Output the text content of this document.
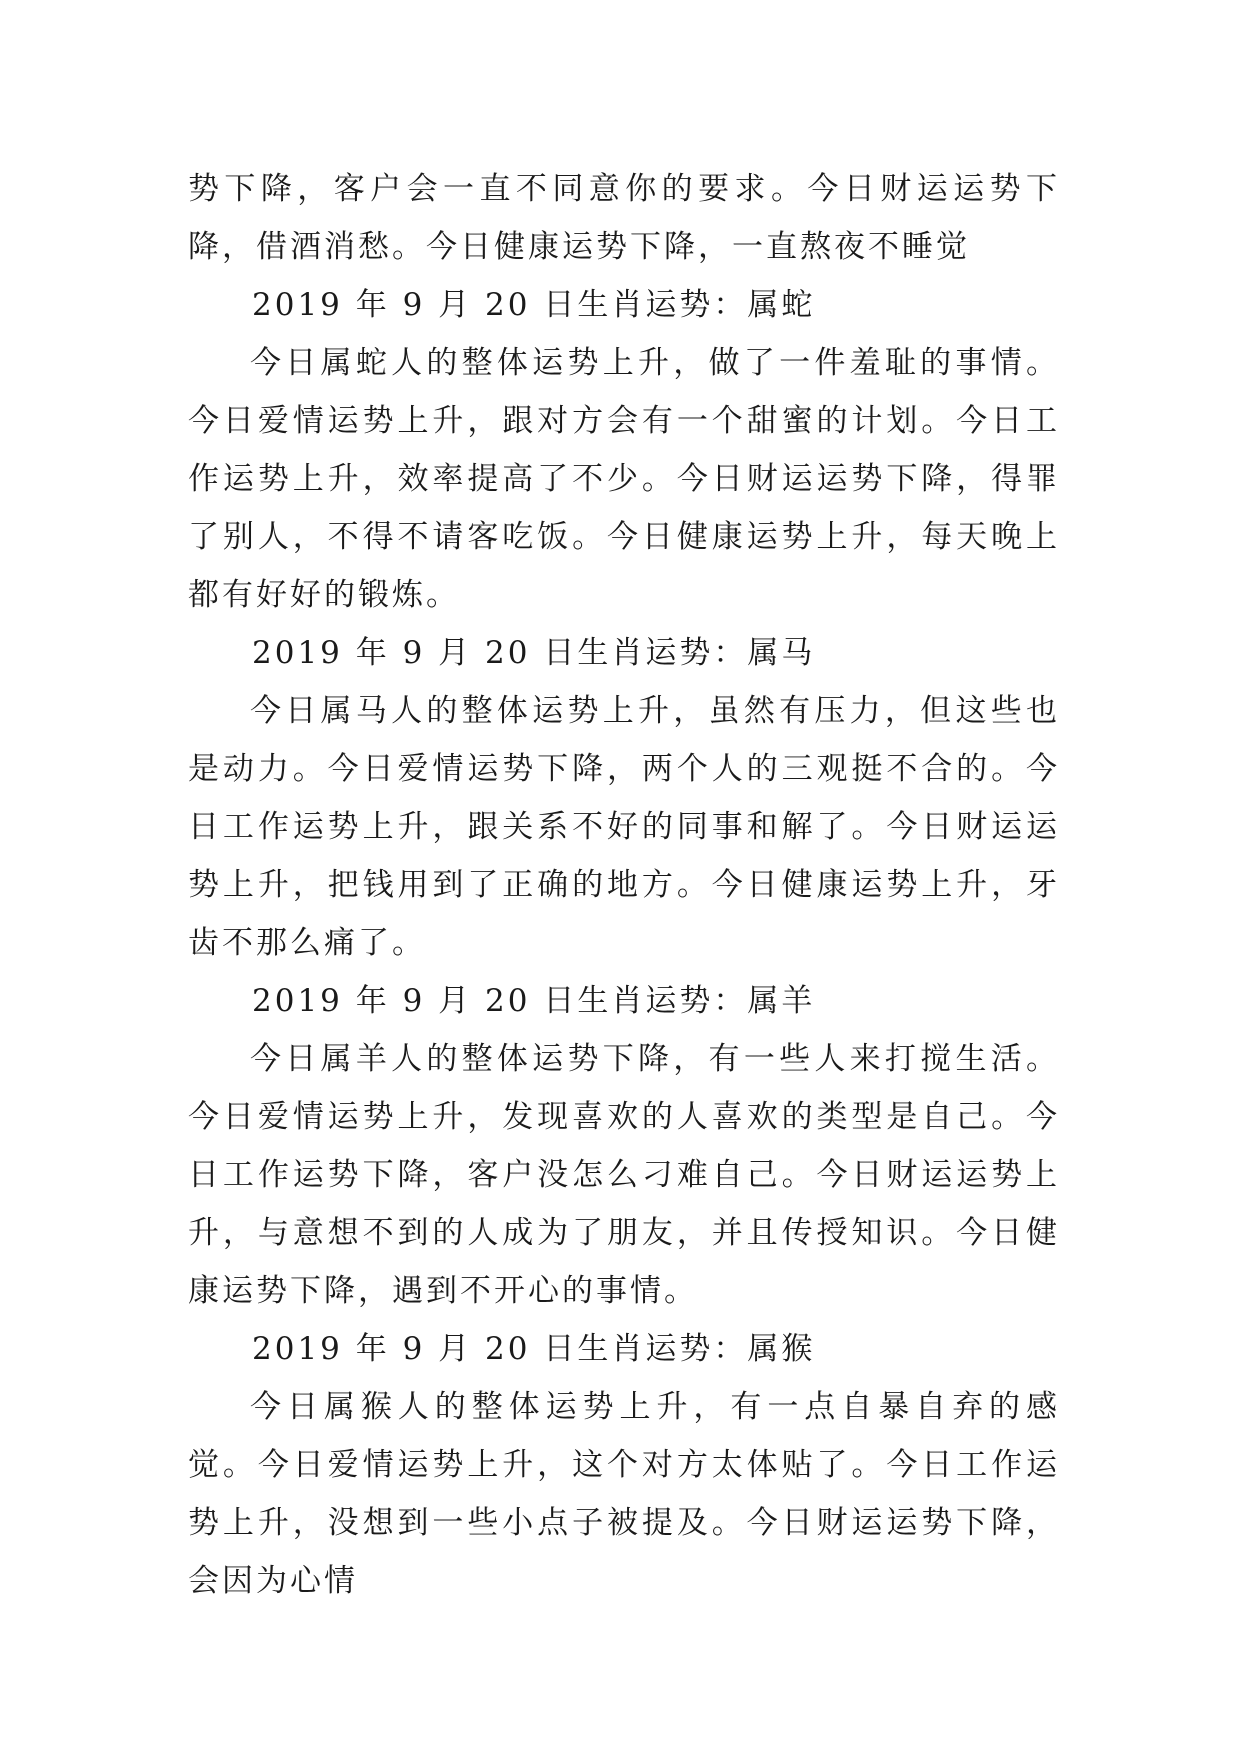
势下降，客户会一直不同意你的要求。今日财运运势下降，借酒消愁。今日健康运势下降，一直熬夜不睡觉

2019 年 9 月 20 日生肖运势：属蛇

今日属蛇人的整体运势上升，做了一件羞耻的事情。今日爱情运势上升，跟对方会有一个甜蜜的计划。今日工作运势上升，效率提高了不少。今日财运运势下降，得罪了别人，不得不请客吃饭。今日健康运势上升，每天晚上都有好好的锻炼。

2019 年 9 月 20 日生肖运势：属马

今日属马人的整体运势上升，虽然有压力，但这些也是动力。今日爱情运势下降，两个人的三观挺不合的。今日工作运势上升，跟关系不好的同事和解了。今日财运运势上升，把钱用到了正确的地方。今日健康运势上升，牙齿不那么痛了。

2019 年 9 月 20 日生肖运势：属羊

今日属羊人的整体运势下降，有一些人来打搅生活。今日爱情运势上升，发现喜欢的人喜欢的类型是自己。今日工作运势下降，客户没怎么刁难自己。今日财运运势上升，与意想不到的人成为了朋友，并且传授知识。今日健康运势下降，遇到不开心的事情。

2019 年 9 月 20 日生肖运势：属猴

今日属猴人的整体运势上升，有一点自暴自弃的感觉。今日爱情运势上升，这个对方太体贴了。今日工作运势上升，没想到一些小点子被提及。今日财运运势下降，会因为心情
